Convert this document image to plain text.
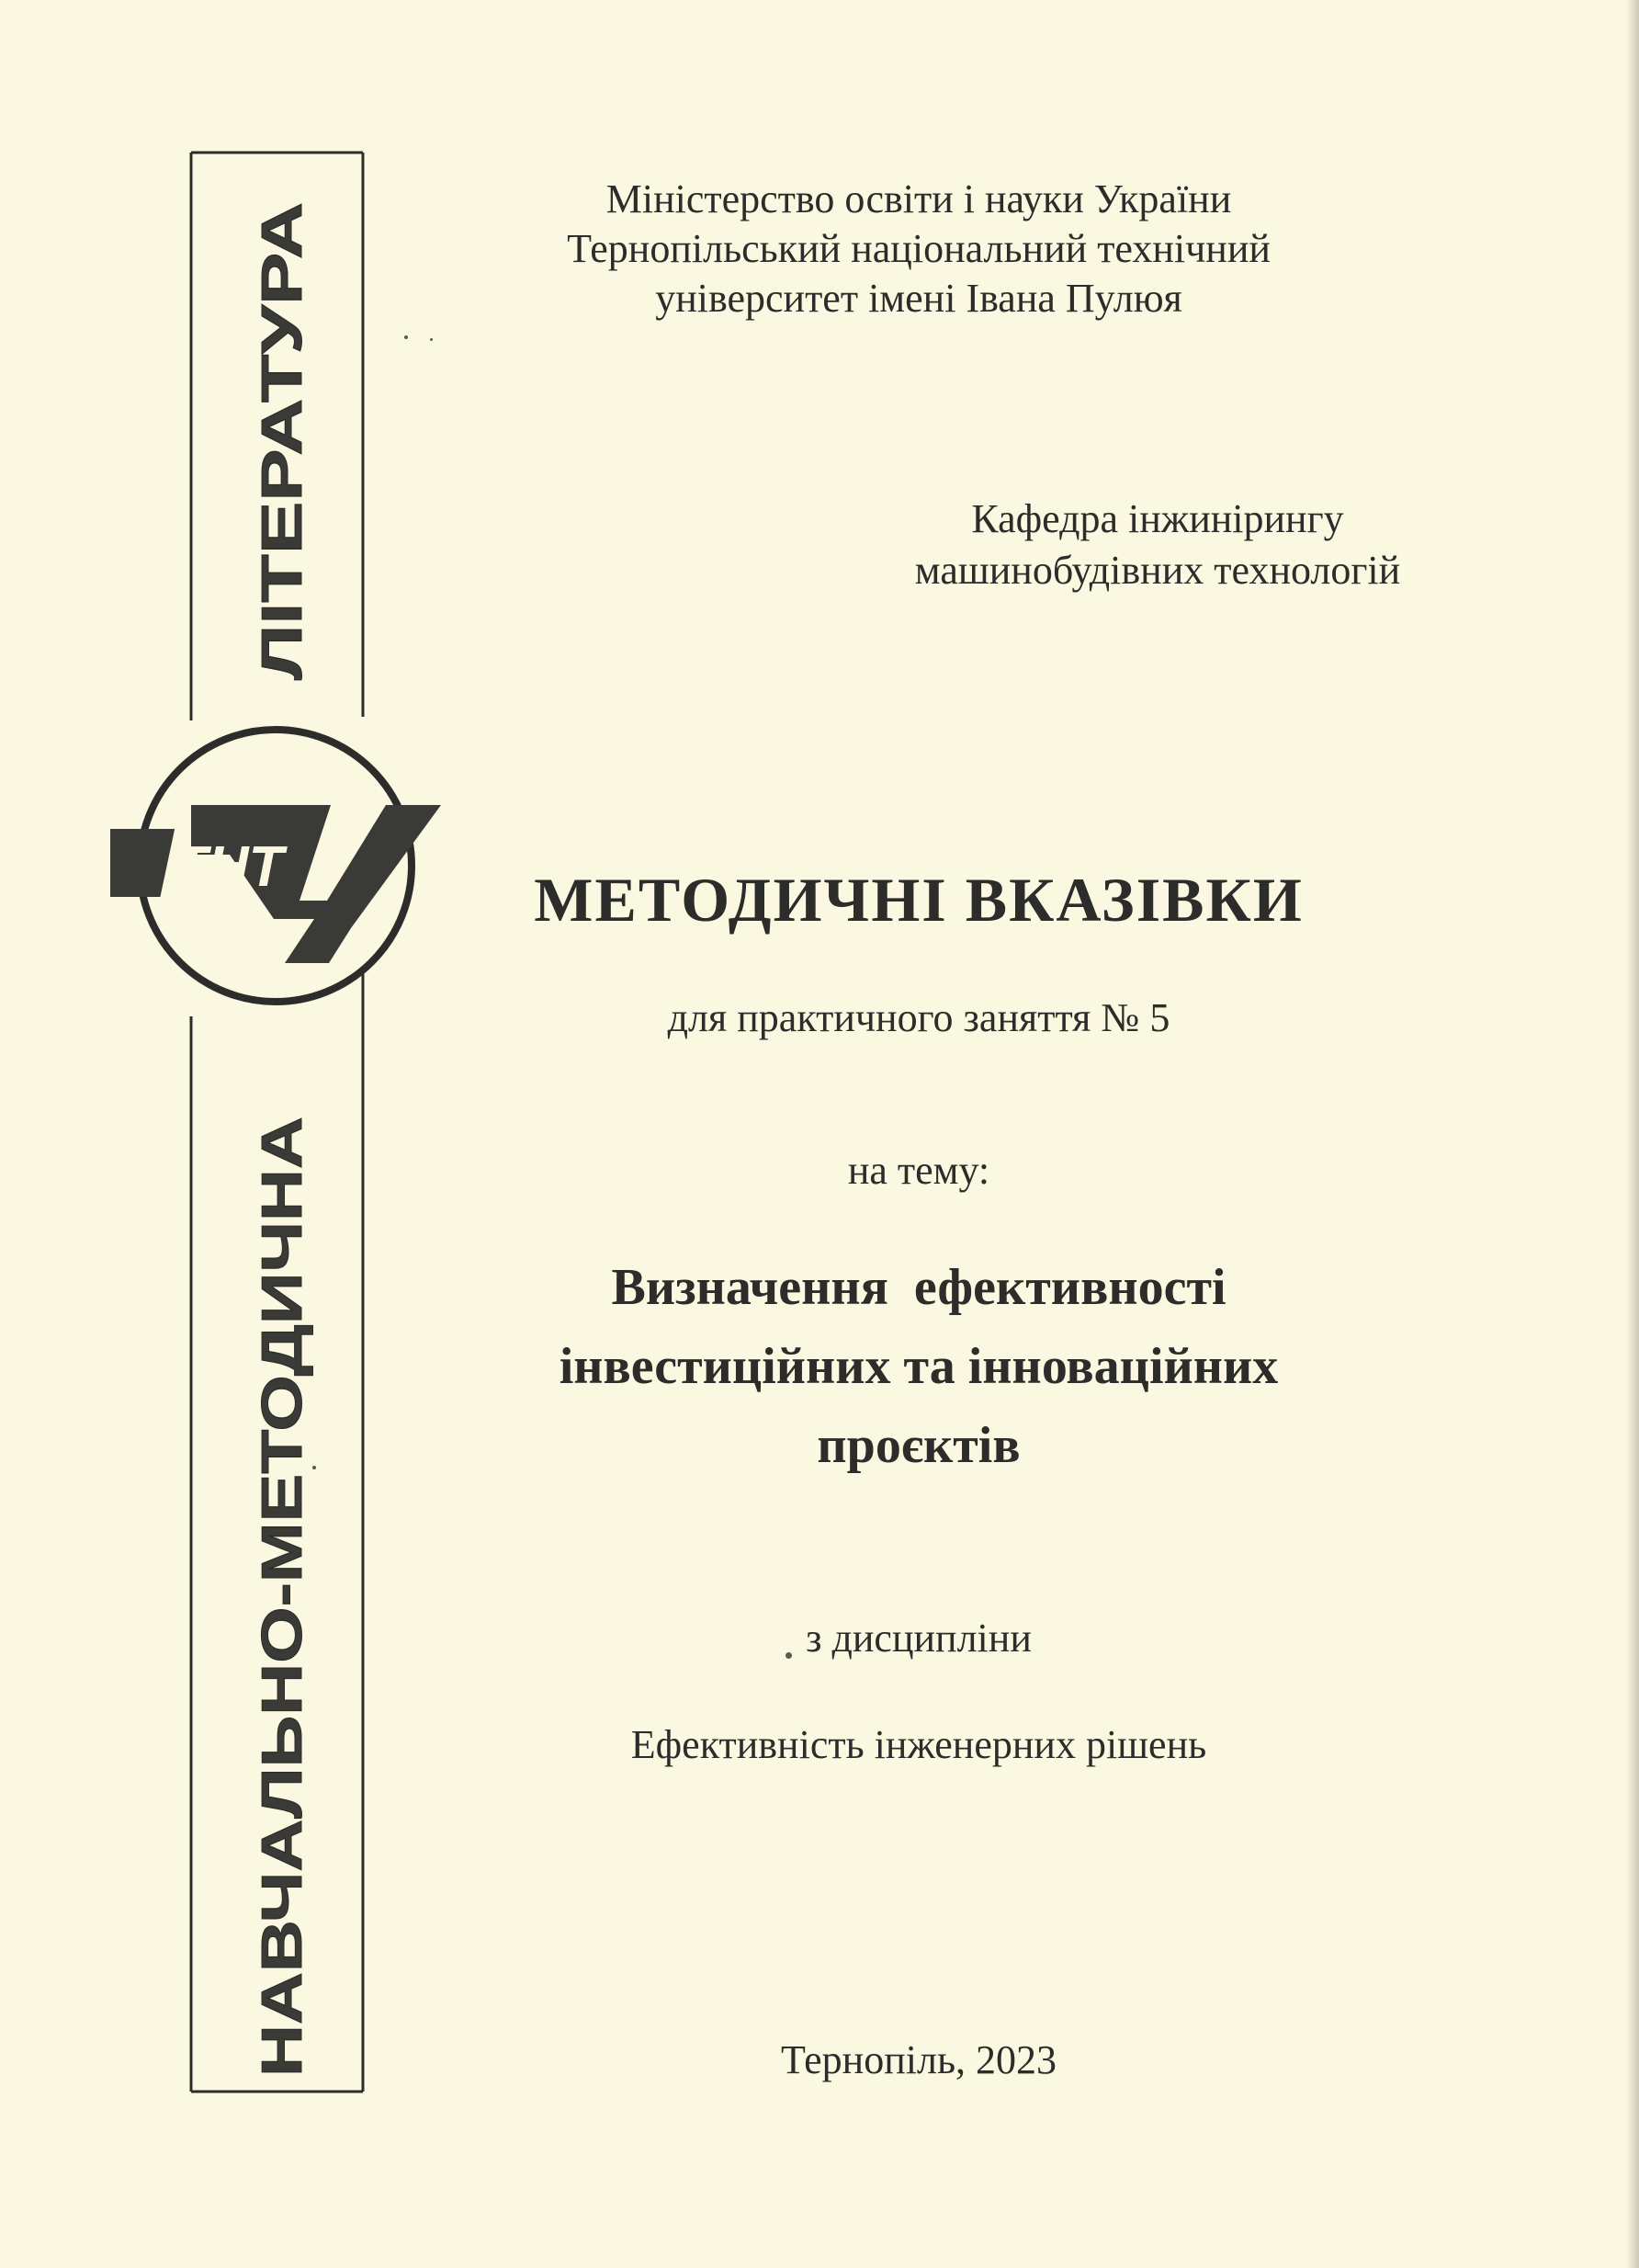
ЛІТЕРАТУРА
НАВЧАЛЬНО-МЕТОДИЧНА
ТНТ
Міністерство освіти і науки України
Тернопільський національний технічний
університет імені Івана Пулюя
Кафедра інжинірингу
машинобудівних технологій
МЕТОДИЧНІ ВКАЗІВКИ
для практичного заняття № 5
на тему:
Визначення  ефективності
інвестиційних та інноваційних
проєктів
з дисципліни
Ефективність інженерних рішень
Тернопіль, 2023
